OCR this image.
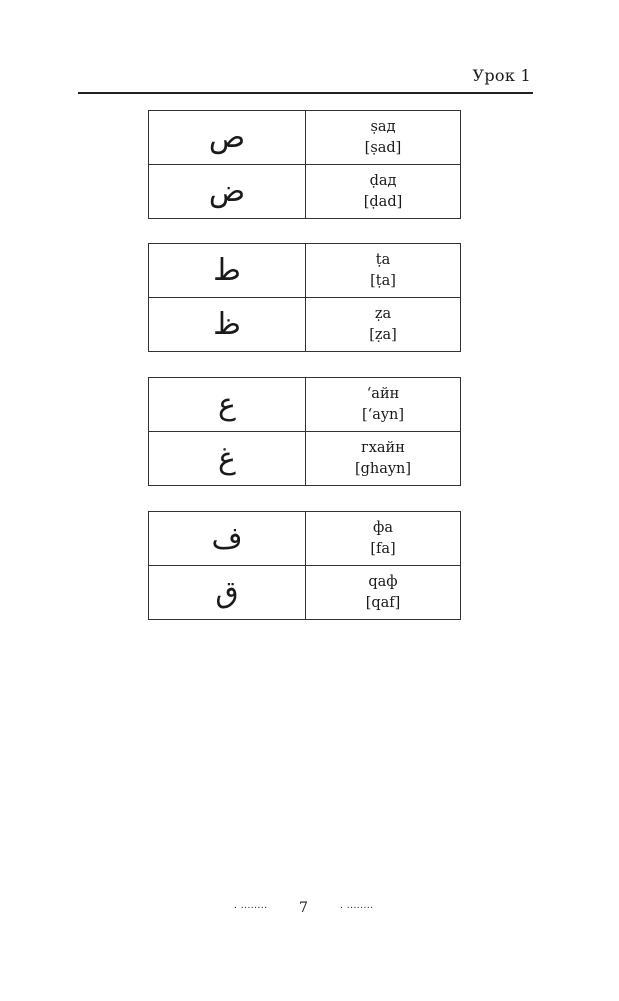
Урок 1
ص	ṣад
[ṣad]

ض	ḍад
[ḍad]
ط	ṭa
[ṭa]

ظ	ẓa
[ẓa]
ع	‘айн
[‘ayn]

غ	гхайн
[ghayn]
ف	фа
[fa]

ق	qaф
[qaf]
. ........ 7	. ........
